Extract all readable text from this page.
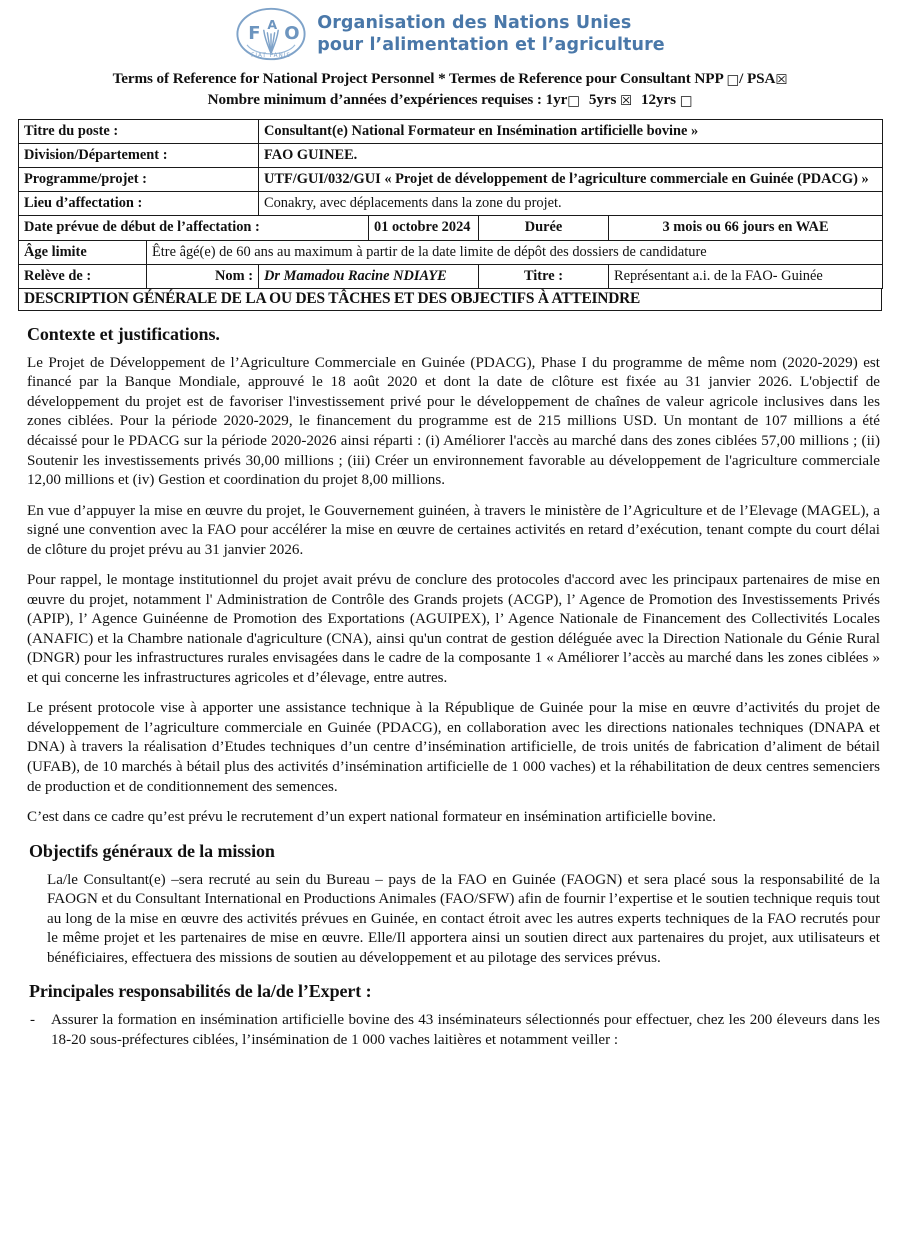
F A O
FIAT PANIS
Organisation des Nations Unies
pour l’alimentation et l’agriculture
Terms of Reference for National Project Personnel * Termes de Reference pour Consultant NPP □/ PSA☒
Nombre minimum d’années d’expériences requises : 1yr□ 5yrs ☒ 12yrs □
Titre du poste :		Consultant(e) National Formateur en Insémination artificielle bovine »			
Division/Département :		FAO GUINEE.			
Programme/projet :		UTF/GUI/032/GUI « Projet de développement de l’agriculture commerciale en Guinée (PDACG) »			
Lieu d’affectation :		Conakry, avec déplacements dans la zone du projet.			
Date prévue de début de l’affectation :			01 octobre 2024	Durée	3 mois ou 66 jours en WAE
Âge limite	Être âgé(e) de 60 ans au maximum à partir de la date limite de dépôt des dossiers de candidature				
Relève de :	Nom :	Dr Mamadou Racine NDIAYE		Titre :	Représentant a.i. de la FAO- Guinée
DESCRIPTION GÉNÉRALE DE LA OU DES TÂCHES ET DES OBJECTIFS À ATTEINDRE
Contexte et justifications.

Le Projet de Développement de l’Agriculture Commerciale en Guinée (PDACG), Phase I du programme de même nom (2020-2029) est financé par la Banque Mondiale, approuvé le 18 août 2020 et dont la date de clôture est fixée au 31 janvier 2026. L'objectif de développement du projet est de favoriser l'investissement privé pour le développement de chaînes de valeur agricole inclusives dans les zones ciblées. Pour la période 2020-2029, le financement du programme est de 215 millions USD. Un montant de 107 millions a été décaissé pour le PDACG sur la période 2020-2026 ainsi réparti : (i) Améliorer l'accès au marché dans des zones ciblées 57,00 millions ; (ii) Soutenir les investissements privés 30,00 millions ; (iii) Créer un environnement favorable au développement de l'agriculture commerciale 12,00 millions et (iv) Gestion et coordination du projet 8,00 millions.

En vue d’appuyer la mise en œuvre du projet, le Gouvernement guinéen, à travers le ministère de l’Agriculture et de l’Elevage (MAGEL), a signé une convention avec la FAO pour accélérer la mise en œuvre de certaines activités en retard d’exécution, tenant compte du court délai de clôture du projet prévu au 31 janvier 2026.

Pour rappel, le montage institutionnel du projet avait prévu de conclure des protocoles d'accord avec les principaux partenaires de mise en œuvre du projet, notamment l' Administration de Contrôle des Grands projets (ACGP), l’ Agence de Promotion des Investissements Privés (APIP), l’ Agence Guinéenne de Promotion des Exportations (AGUIPEX), l’ Agence Nationale de Financement des Collectivités Locales (ANAFIC) et la Chambre nationale d'agriculture (CNA), ainsi qu'un contrat de gestion déléguée avec la Direction Nationale du Génie Rural (DNGR) pour les infrastructures rurales envisagées dans le cadre de la composante 1 « Améliorer l’accès au marché dans les zones ciblées » et qui concerne les infrastructures agricoles et d’élevage, entre autres.

Le présent protocole vise à apporter une assistance technique à la République de Guinée pour la mise en œuvre d’activités du projet de développement de l’agriculture commerciale en Guinée (PDACG), en collaboration avec les directions nationales techniques (DNAPA et DNA) à travers la réalisation d’Etudes techniques d’un centre d’insémination artificielle, de trois unités de fabrication d’aliment de bétail (UFAB), de 10 marchés à bétail plus des activités d’insémination artificielle de 1 000 vaches) et la réhabilitation de deux centres semenciers de production et de conditionnement des semences.

C’est dans ce cadre qu’est prévu le recrutement d’un expert national formateur en insémination artificielle bovine.

Objectifs généraux de la mission

La/le Consultant(e) –sera recruté au sein du Bureau – pays de la FAO en Guinée (FAOGN) et sera placé sous la responsabilité de la FAOGN et du Consultant International en Productions Animales (FAO/SFW) afin de fournir l’expertise et le soutien technique requis tout au long de la mise en œuvre des activités prévues en Guinée, en contact étroit avec les autres experts techniques de la FAO recrutés pour le même projet et les partenaires de mise en œuvre. Elle/Il apportera ainsi un soutien direct aux partenaires du projet, aux utilisateurs et bénéficiaires, effectuera des missions de soutien au développement et au pilotage des services prévus.

Principales responsabilités de la/de l’Expert :
- Assurer la formation en insémination artificielle bovine des 43 inséminateurs sélectionnés pour effectuer, chez les 200 éleveurs dans les 18-20 sous-préfectures ciblées, l’insémination de 1 000 vaches laitières et notamment veiller :
